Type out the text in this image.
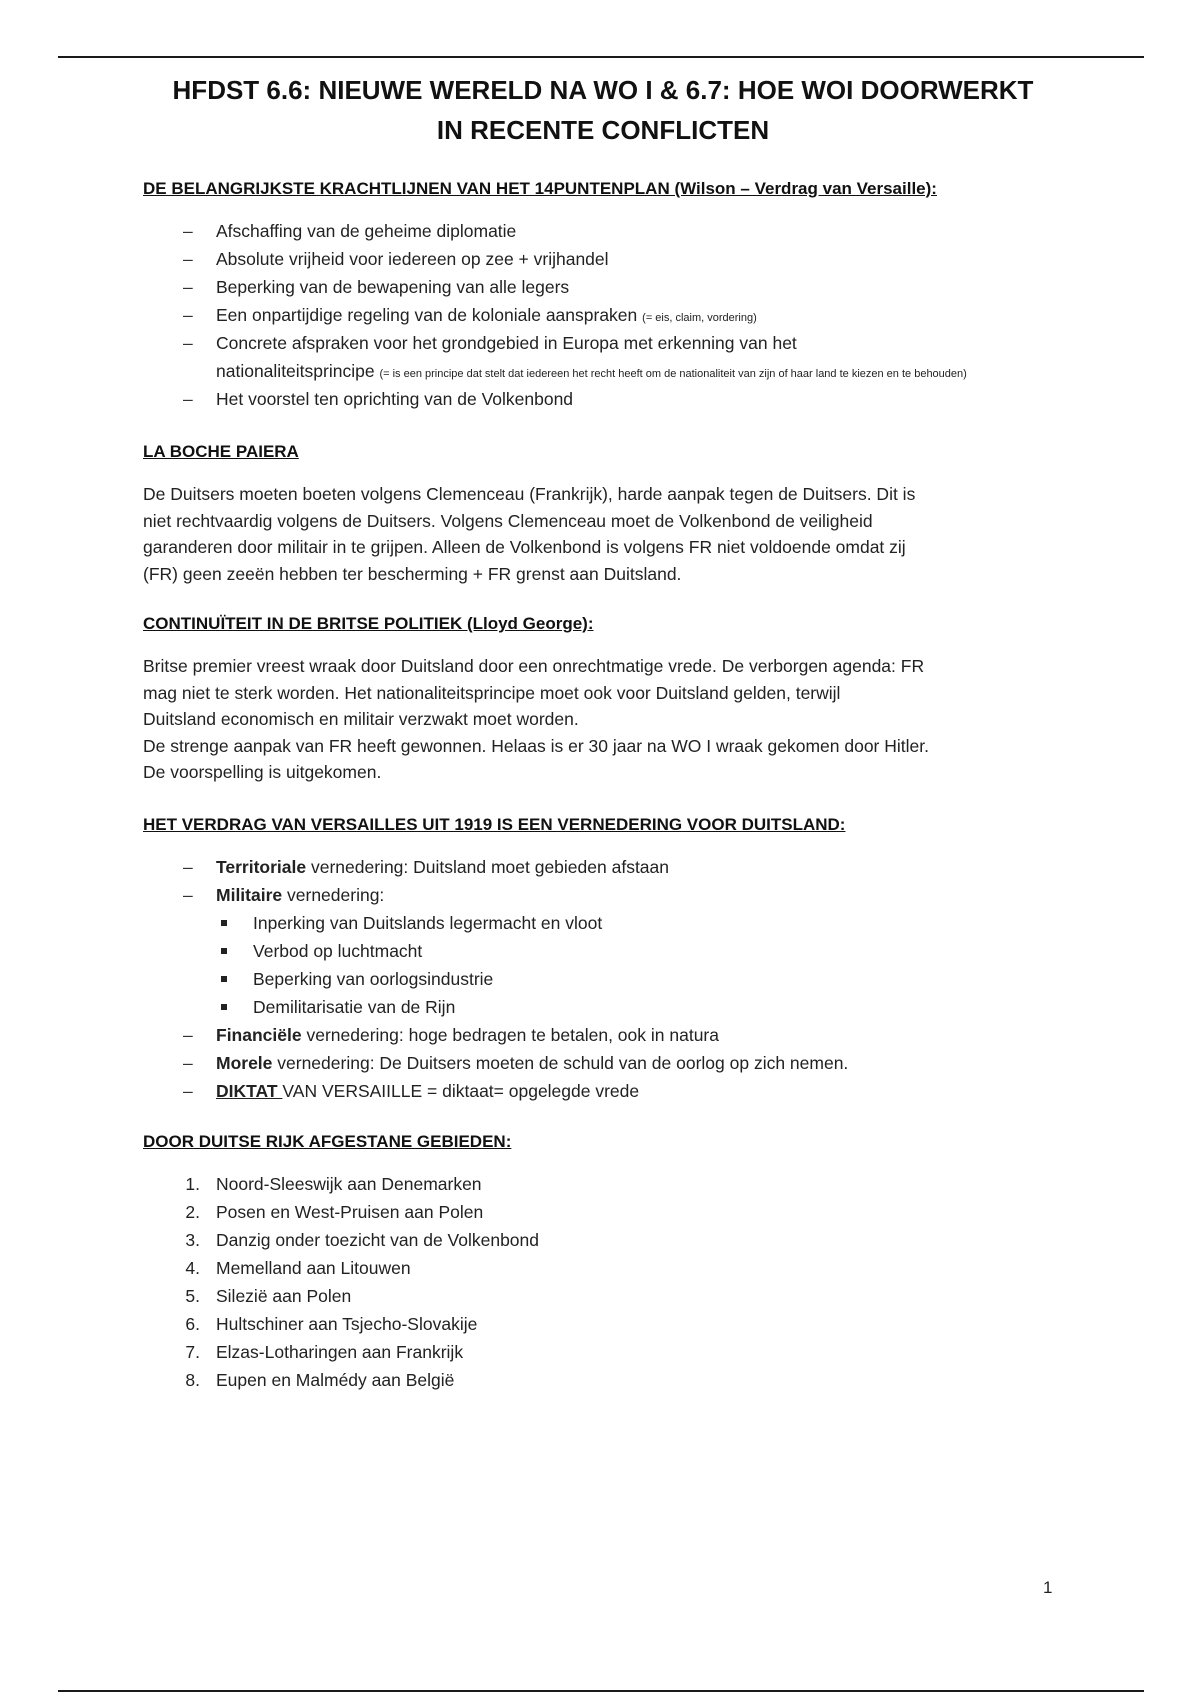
HFDST 6.6: NIEUWE WERELD NA WO I & 6.7: HOE WOI DOORWERKT
IN RECENTE CONFLICTEN
DE BELANGRIJKSTE KRACHTLIJNEN VAN HET 14PUNTENPLAN (Wilson – Verdrag van Versaille):
– Afschaffing van de geheime diplomatie
– Absolute vrijheid voor iedereen op zee + vrijhandel
– Beperking van de bewapening van alle legers
– Een onpartijdige regeling van de koloniale aanspraken (= eis, claim, vordering)
– Concrete afspraken voor het grondgebied in Europa met erkenning van het
nationaliteitsprincipe (= is een principe dat stelt dat iedereen het recht heeft om de nationaliteit van zijn of haar land te kiezen en te behouden)
– Het voorstel ten oprichting van de Volkenbond
LA BOCHE PAIERA

De Duitsers moeten boeten volgens Clemenceau (Frankrijk), harde aanpak tegen de Duitsers. Dit is
niet rechtvaardig volgens de Duitsers. Volgens Clemenceau moet de Volkenbond de veiligheid
garanderen door militair in te grijpen. Alleen de Volkenbond is volgens FR niet voldoende omdat zij
(FR) geen zeeën hebben ter bescherming + FR grenst aan Duitsland.

CONTINUÏTEIT IN DE BRITSE POLITIEK (Lloyd George):

Britse premier vreest wraak door Duitsland door een onrechtmatige vrede. De verborgen agenda: FR
mag niet te sterk worden. Het nationaliteitsprincipe moet ook voor Duitsland gelden, terwijl
Duitsland economisch en militair verzwakt moet worden.
De strenge aanpak van FR heeft gewonnen. Helaas is er 30 jaar na WO I wraak gekomen door Hitler.
De voorspelling is uitgekomen.

HET VERDRAG VAN VERSAILLES UIT 1919 IS EEN VERNEDERING VOOR DUITSLAND:
– Territoriale vernedering: Duitsland moet gebieden afstaan
– Militaire vernedering:
Inperking van Duitslands legermacht en vloot
Verbod op luchtmacht
Beperking van oorlogsindustrie
Demilitarisatie van de Rijn
– Financiële vernedering: hoge bedragen te betalen, ook in natura
– Morele vernedering: De Duitsers moeten de schuld van de oorlog op zich nemen.
– DIKTAT VAN VERSAIILLE = diktaat= opgelegde vrede
DOOR DUITSE RIJK AFGESTANE GEBIEDEN:
1. Noord-Sleeswijk aan Denemarken
2. Posen en West-Pruisen aan Polen
3. Danzig onder toezicht van de Volkenbond
4. Memelland aan Litouwen
5. Silezië aan Polen
6. Hultschiner aan Tsjecho-Slovakije
7. Elzas-Lotharingen aan Frankrijk
8. Eupen en Malmédy aan België
1
